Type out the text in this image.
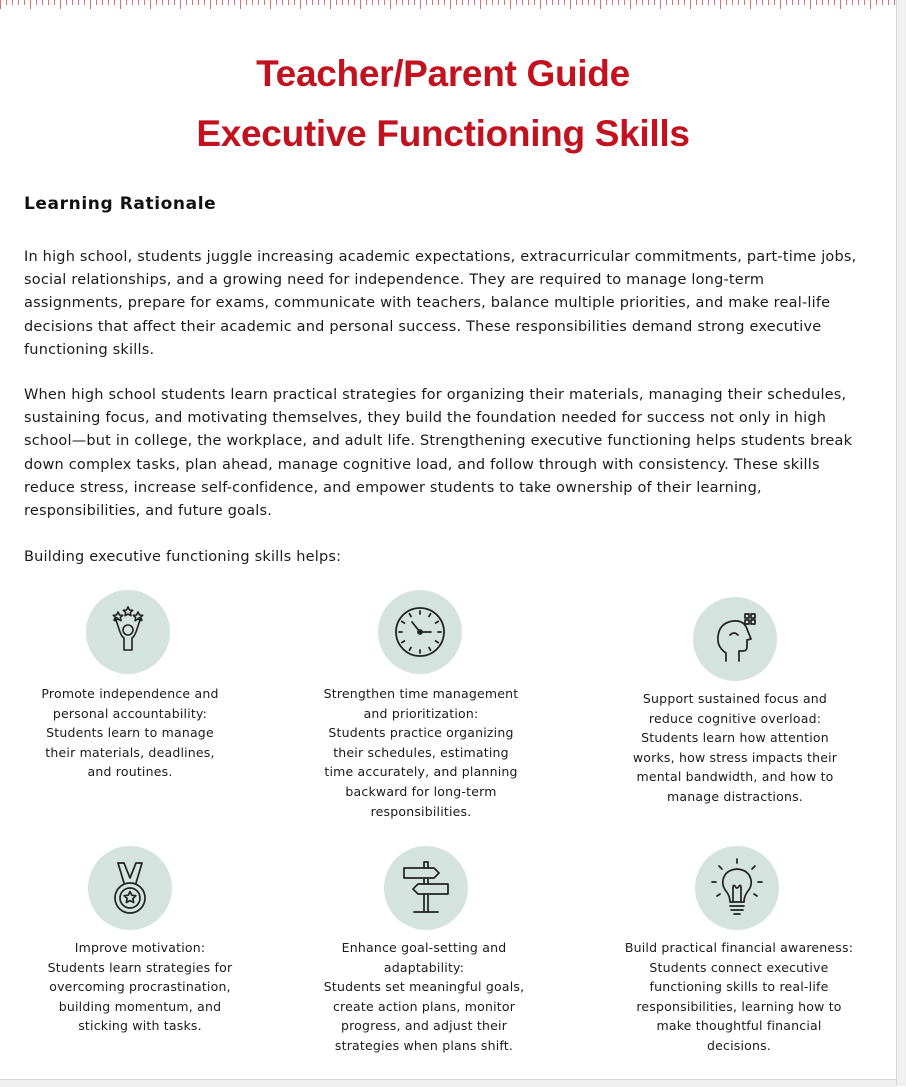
Teacher/Parent Guide
Executive Functioning Skills
Learning Rationale

In high school, students juggle increasing academic expectations, extracurricular commitments, part-time jobs, social relationships, and a growing need for independence. They are required to manage long-term assignments, prepare for exams, communicate with teachers, balance multiple priorities, and make real-life decisions that affect their academic and personal success. These responsibilities demand strong executive functioning skills.

When high school students learn practical strategies for organizing their materials, managing their schedules, sustaining focus, and motivating themselves, they build the foundation needed for success not only in high school—but in college, the workplace, and adult life. Strengthening executive functioning helps students break down complex tasks, plan ahead, manage cognitive load, and follow through with consistency. These skills reduce stress, increase self-confidence, and empower students to take ownership of their learning, responsibilities, and future goals.

Building executive functioning skills helps:

Promote independence and
personal accountability:
Students learn to manage
their materials, deadlines,
and routines.
Strengthen time management
and prioritization:
Students practice organizing
their schedules, estimating
time accurately, and planning
backward for long-term
responsibilities.
Support sustained focus and
reduce cognitive overload:
Students learn how attention
works, how stress impacts their
mental bandwidth, and how to
manage distractions.
Improve motivation:
Students learn strategies for
overcoming procrastination,
building momentum, and
sticking with tasks.
Enhance goal-setting and
adaptability:
Students set meaningful goals,
create action plans, monitor
progress, and adjust their
strategies when plans shift.
Build practical financial awareness:
Students connect executive
functioning skills to real-life
responsibilities, learning how to
make thoughtful financial
decisions.
